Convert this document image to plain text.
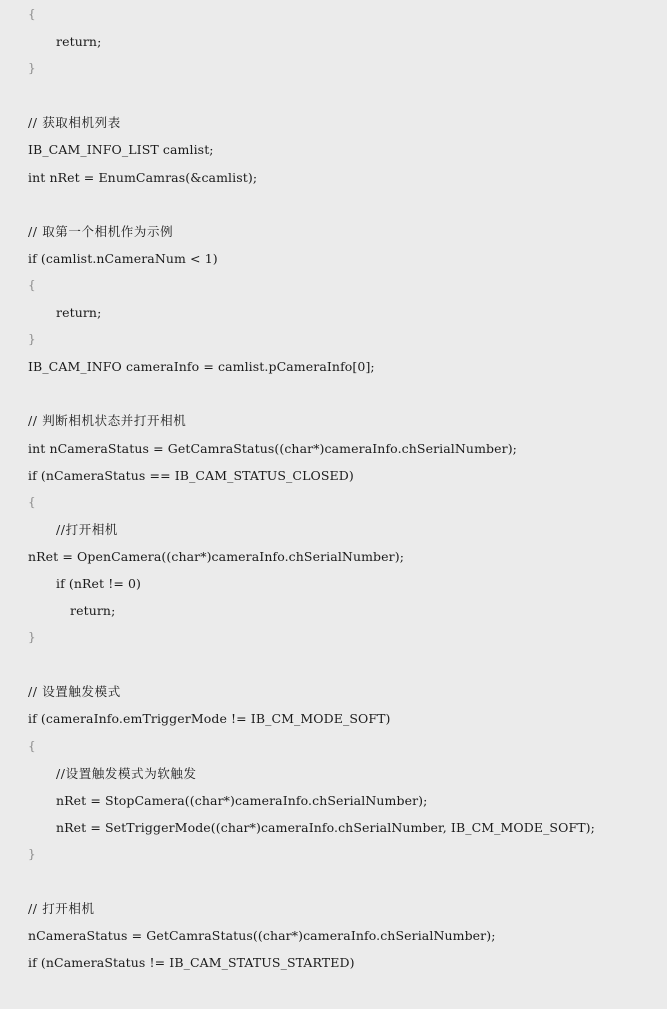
{
return;
}
// 获取相机列表
IB_CAM_INFO_LIST camlist;
int nRet = EnumCamras(&camlist);
// 取第一个相机作为示例
if (camlist.nCameraNum < 1)
{
return;
}
IB_CAM_INFO cameraInfo = camlist.pCameraInfo[0];
// 判断相机状态并打开相机
int nCameraStatus = GetCamraStatus((char*)cameraInfo.chSerialNumber);
if (nCameraStatus == IB_CAM_STATUS_CLOSED)
{
//打开相机
nRet = OpenCamera((char*)cameraInfo.chSerialNumber);
if (nRet != 0)
return;
}
// 设置触发模式
if (cameraInfo.emTriggerMode != IB_CM_MODE_SOFT)
{
//设置触发模式为软触发
nRet = StopCamera((char*)cameraInfo.chSerialNumber);
nRet = SetTriggerMode((char*)cameraInfo.chSerialNumber, IB_CM_MODE_SOFT);
}
// 打开相机
nCameraStatus = GetCamraStatus((char*)cameraInfo.chSerialNumber);
if (nCameraStatus != IB_CAM_STATUS_STARTED)
